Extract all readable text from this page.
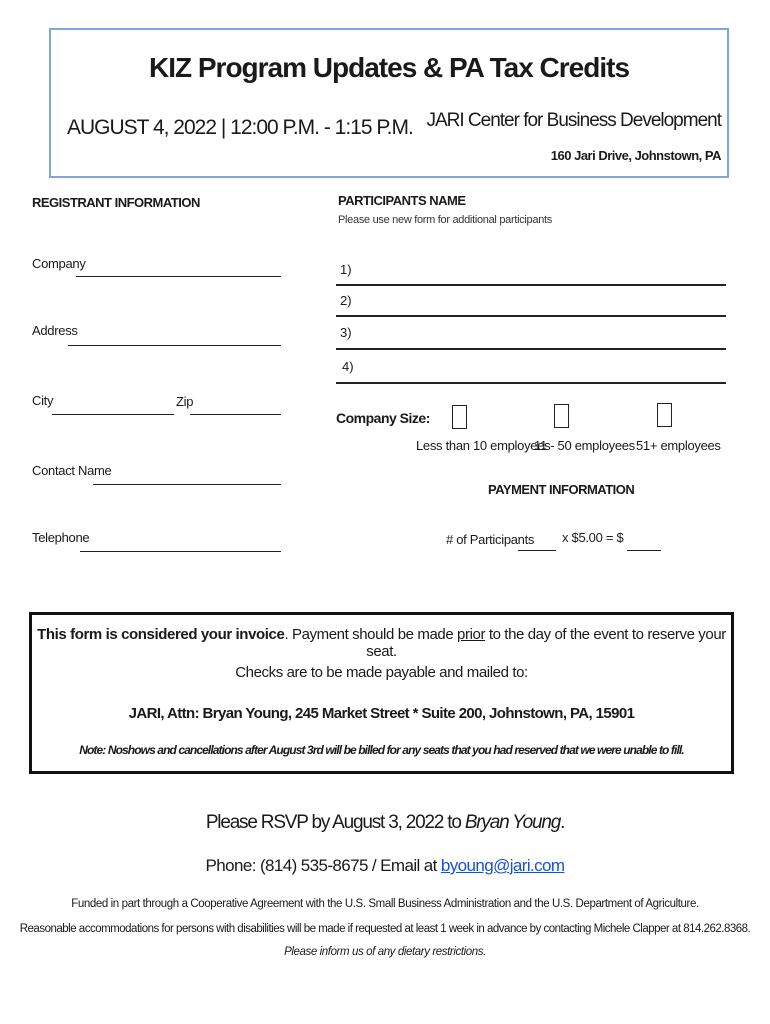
KIZ Program Updates & PA Tax Credits
AUGUST 4, 2022 | 12:00 P.M. - 1:15 P.M. JARI Center for Business Development
160 Jari Drive, Johnstown, PA
REGISTRANT INFORMATION
Company
Address
City	Zip
Contact Name
Telephone
PARTICIPANTS NAME
Please use new form for additional participants
1)
2)
3)
4)
Company Size:
Less than 10 employees
11 - 50 employees 51+ employees
PAYMENT INFORMATION
# of Participants x $5.00 = $
This form is considered your invoice. Payment should be made prior to the day of the event to reserve your seat.
Checks are to be made payable and mailed to:
JARI, Attn: Bryan Young, 245 Market Street * Suite 200, Johnstown, PA, 15901
Note: Noshows and cancellations after August 3rd will be billed for any seats that you had reserved that we were unable to fill.
Please RSVP by August 3, 2022 to Bryan Young.
Phone: (814) 535-8675 / Email at byoung@jari.com
Funded in part through a Cooperative Agreement with the U.S. Small Business Administration and the U.S. Department of Agriculture.
Reasonable accommodations for persons with disabilities will be made if requested at least 1 week in advance by contacting Michele Clapper at 814.262.8368.
Please inform us of any dietary restrictions.
